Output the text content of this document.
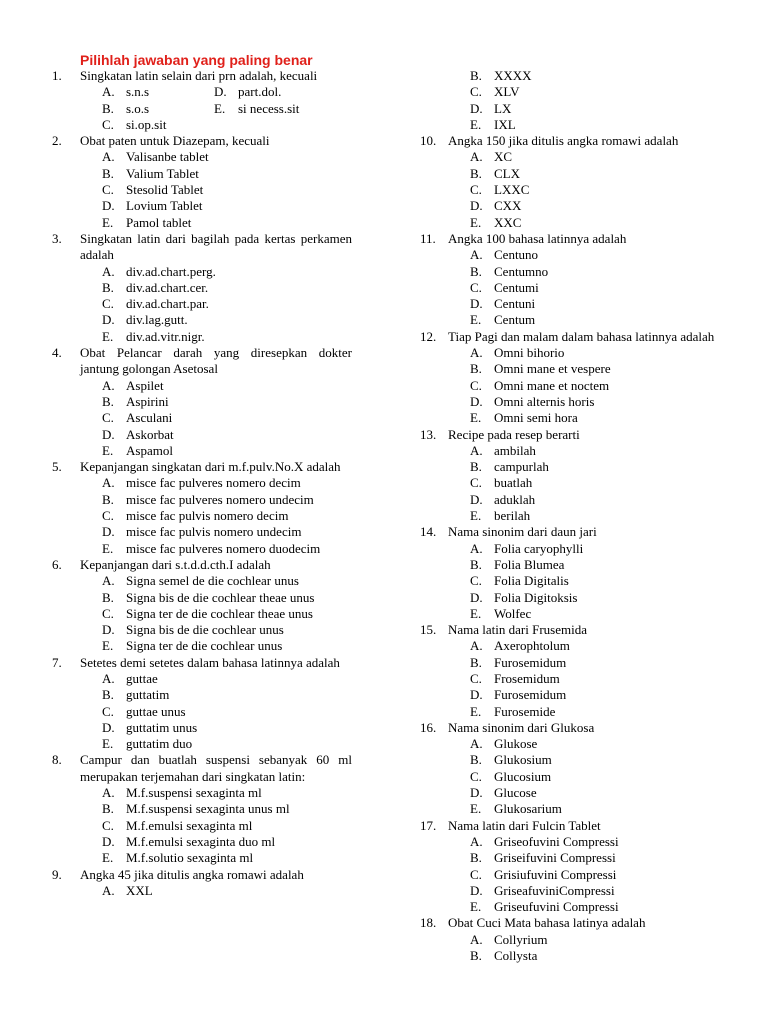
Pilihlah jawaban yang paling benar
1.	Singkatan latin selain dari prn adalah, kecuali
A. s.n.s	D. part.dol.
B. s.o.s	E. si necess.sit
C. si.op.sit
2.	Obat paten untuk Diazepam, kecuali
A. Valisanbe tablet
B. Valium Tablet
C. Stesolid Tablet
D. Lovium Tablet
E. Pamol tablet
3.	Singkatan latin dari bagilah pada kertas perkamen adalah
A. div.ad.chart.perg.
B. div.ad.chart.cer.
C. div.ad.chart.par.
D. div.lag.gutt.
E. div.ad.vitr.nigr.
4.	Obat Pelancar darah yang diresepkan dokter jantung golongan Asetosal
A. Aspilet
B. Aspirini
C. Asculani
D. Askorbat
E. Aspamol
5.	Kepanjangan singkatan dari m.f.pulv.No.X adalah
A. misce fac pulveres nomero decim
B. misce fac pulveres nomero undecim
C. misce fac pulvis nomero decim
D. misce fac pulvis nomero undecim
E. misce fac pulveres nomero duodecim
6.	Kepanjangan dari s.t.d.d.cth.I adalah
A. Signa semel de die cochlear unus
B. Signa bis de die cochlear theae unus
C. Signa ter de die cochlear theae unus
D. Signa bis de die cochlear unus
E. Signa ter de die cochlear unus
7.	Setetes demi setetes dalam bahasa latinnya adalah
A. guttae
B. guttatim
C. guttae unus
D. guttatim unus
E. guttatim duo
8.	Campur dan buatlah suspensi sebanyak 60 ml merupakan terjemahan dari singkatan latin:
A. M.f.suspensi sexaginta ml
B. M.f.suspensi sexaginta unus ml
C. M.f.emulsi sexaginta ml
D. M.f.emulsi sexaginta duo ml
E. M.f.solutio sexaginta ml
9.	Angka 45 jika ditulis angka romawi adalah
A. XXL
B. XXXX
C. XLV
D. LX
E. IXL
10. Angka 150 jika ditulis angka romawi adalah
A. XC
B. CLX
C. LXXC
D. CXX
E. XXC
11. Angka 100 bahasa latinnya adalah
A. Centuno
B. Centumno
C. Centumi
D. Centuni
E. Centum
12. Tiap Pagi dan malam dalam bahasa latinnya adalah
A. Omni bihorio
B. Omni mane et vespere
C. Omni mane et noctem
D. Omni alternis horis
E. Omni semi hora
13. Recipe pada resep berarti
A. ambilah
B. campurlah
C. buatlah
D. aduklah
E. berilah
14. Nama sinonim dari daun jari
A. Folia caryophylli
B. Folia Blumea
C. Folia Digitalis
D. Folia Digitoksis
E. Wolfec
15. Nama latin dari Frusemida
A. Axerophtolum
B. Furosemidum
C. Frosemidum
D. Furosemidum
E. Furosemide
16. Nama sinonim dari Glukosa
A. Glukose
B. Glukosium
C. Glucosium
D. Glucose
E. Glukosarium
17. Nama latin dari Fulcin Tablet
A. Griseofuvini Compressi
B. Griseifuvini Compressi
C. Grisiufuvini Compressi
D. GriseafuviniCompressi
E. Griseufuvini Compressi
18. Obat Cuci Mata bahasa latinya adalah
A. Collyrium
B. Collysta
